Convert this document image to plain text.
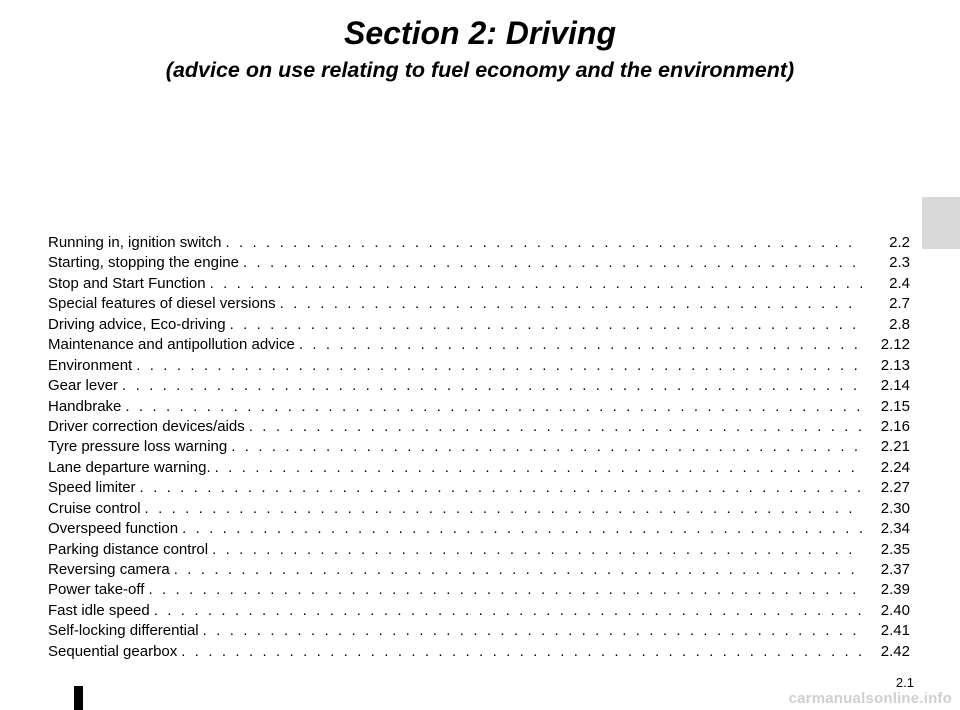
Section 2: Driving
(advice on use relating to fuel economy and the environment)
Running in, ignition switch . . .	2.2
Starting, stopping the engine . . .	2.3
Stop and Start Function . . .	2.4
Special features of diesel versions . . .	2.7
Driving advice, Eco-driving . . .	2.8
Maintenance and antipollution advice . . .	2.12
Environment . . .	2.13
Gear lever . . .	2.14
Handbrake . . .	2.15
Driver correction devices/aids . . .	2.16
Tyre pressure loss warning . . .	2.21
Lane departure warning. . . .	2.24
Speed limiter . . .	2.27
Cruise control . . .	2.30
Overspeed function . . .	2.34
Parking distance control . . .	2.35
Reversing camera . . .	2.37
Power take-off . . .	2.39
Fast idle speed . . .	2.40
Self-locking differential . . .	2.41
Sequential gearbox . . .	2.42
2.1
carmanualsonline.info
